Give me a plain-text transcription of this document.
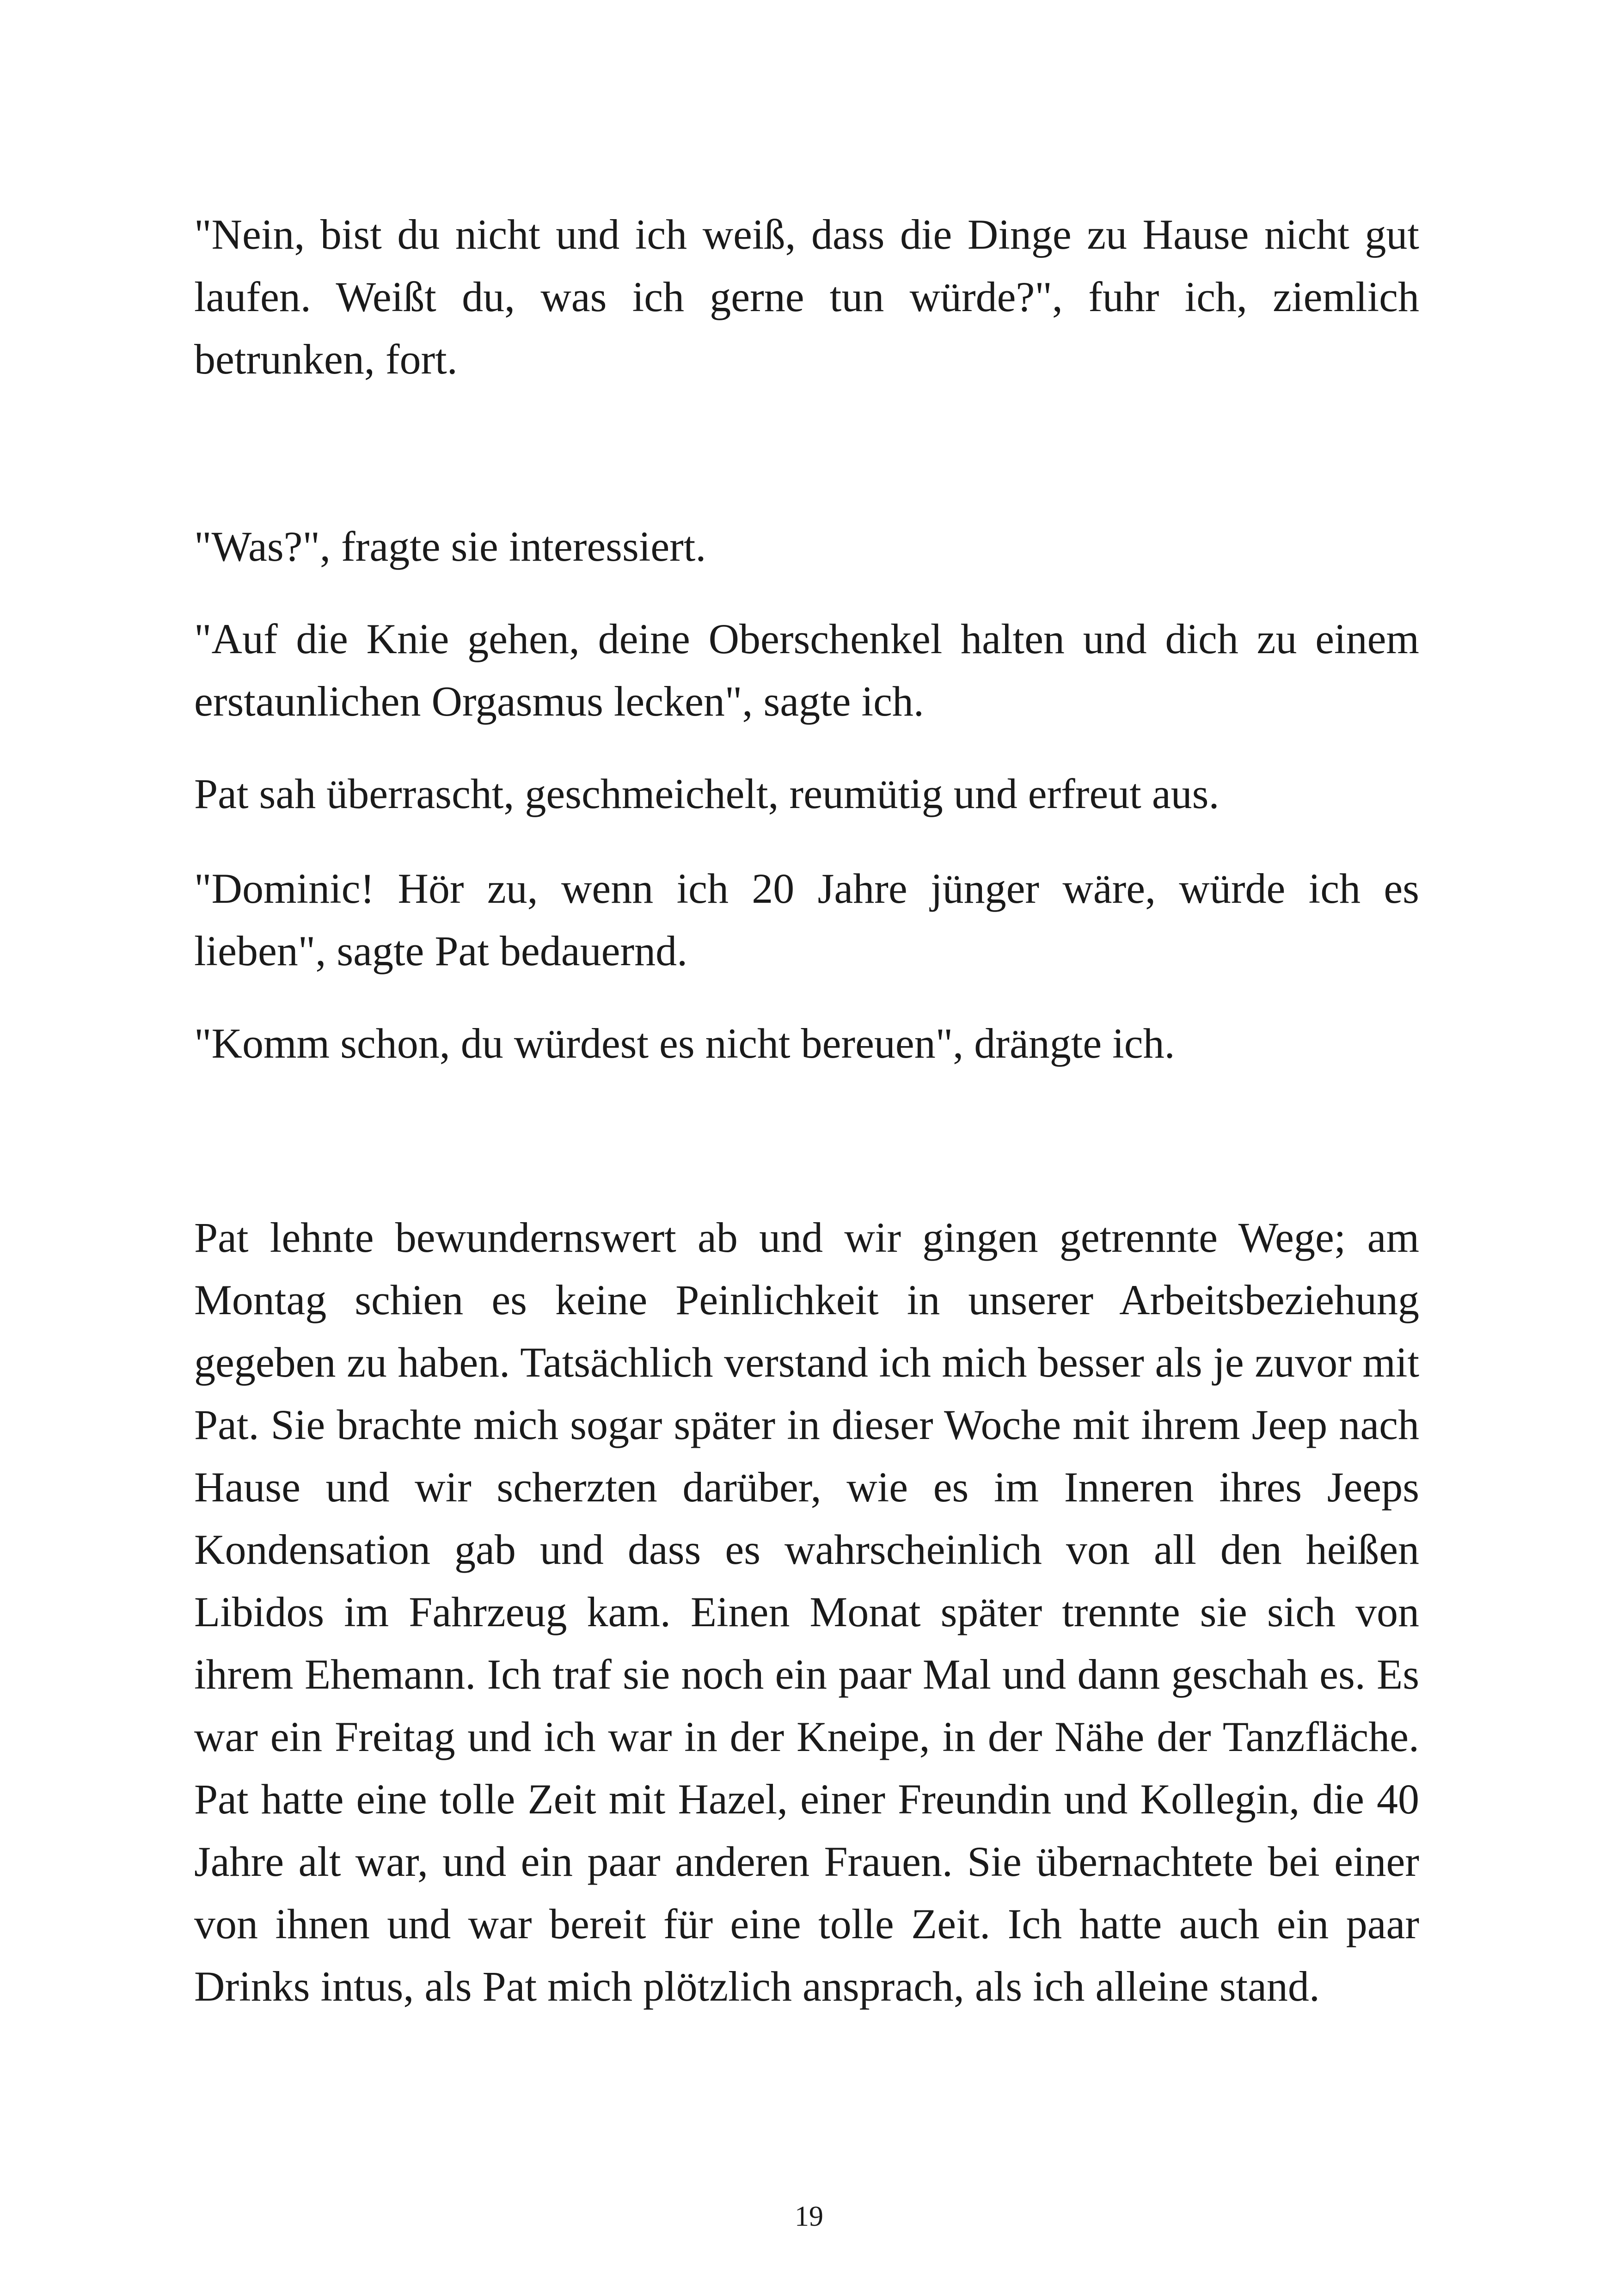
"Nein, bist du nicht und ich weiß, dass die Dinge zu Hause nicht gut laufen. Weißt du, was ich gerne tun würde?", fuhr ich, ziemlich betrunken, fort.

"Was?", fragte sie interessiert.

"Auf die Knie gehen, deine Oberschenkel halten und dich zu einem erstaunlichen Orgasmus lecken", sagte ich.

Pat sah überrascht, geschmeichelt, reumütig und erfreut aus.

"Dominic! Hör zu, wenn ich 20 Jahre jünger wäre, würde ich es lieben", sagte Pat bedauernd.

"Komm schon, du würdest es nicht bereuen", drängte ich.

Pat lehnte bewundernswert ab und wir gingen getrennte Wege; am Montag schien es keine Peinlichkeit in unserer Arbeitsbeziehung gegeben zu haben. Tatsächlich verstand ich mich besser als je zuvor mit Pat. Sie brachte mich sogar später in dieser Woche mit ihrem Jeep nach Hause und wir scherzten darüber, wie es im Inneren ihres Jeeps Kondensation gab und dass es wahrscheinlich von all den heißen Libidos im Fahrzeug kam. Einen Monat später trennte sie sich von ihrem Ehemann. Ich traf sie noch ein paar Mal und dann geschah es. Es war ein Freitag und ich war in der Kneipe, in der Nähe der Tanzfläche. Pat hatte eine tolle Zeit mit Hazel, einer Freundin und Kollegin, die 40 Jahre alt war, und ein paar anderen Frauen. Sie übernachtete bei einer von ihnen und war bereit für eine tolle Zeit. Ich hatte auch ein paar Drinks intus, als Pat mich plötzlich ansprach, als ich alleine stand.

19
